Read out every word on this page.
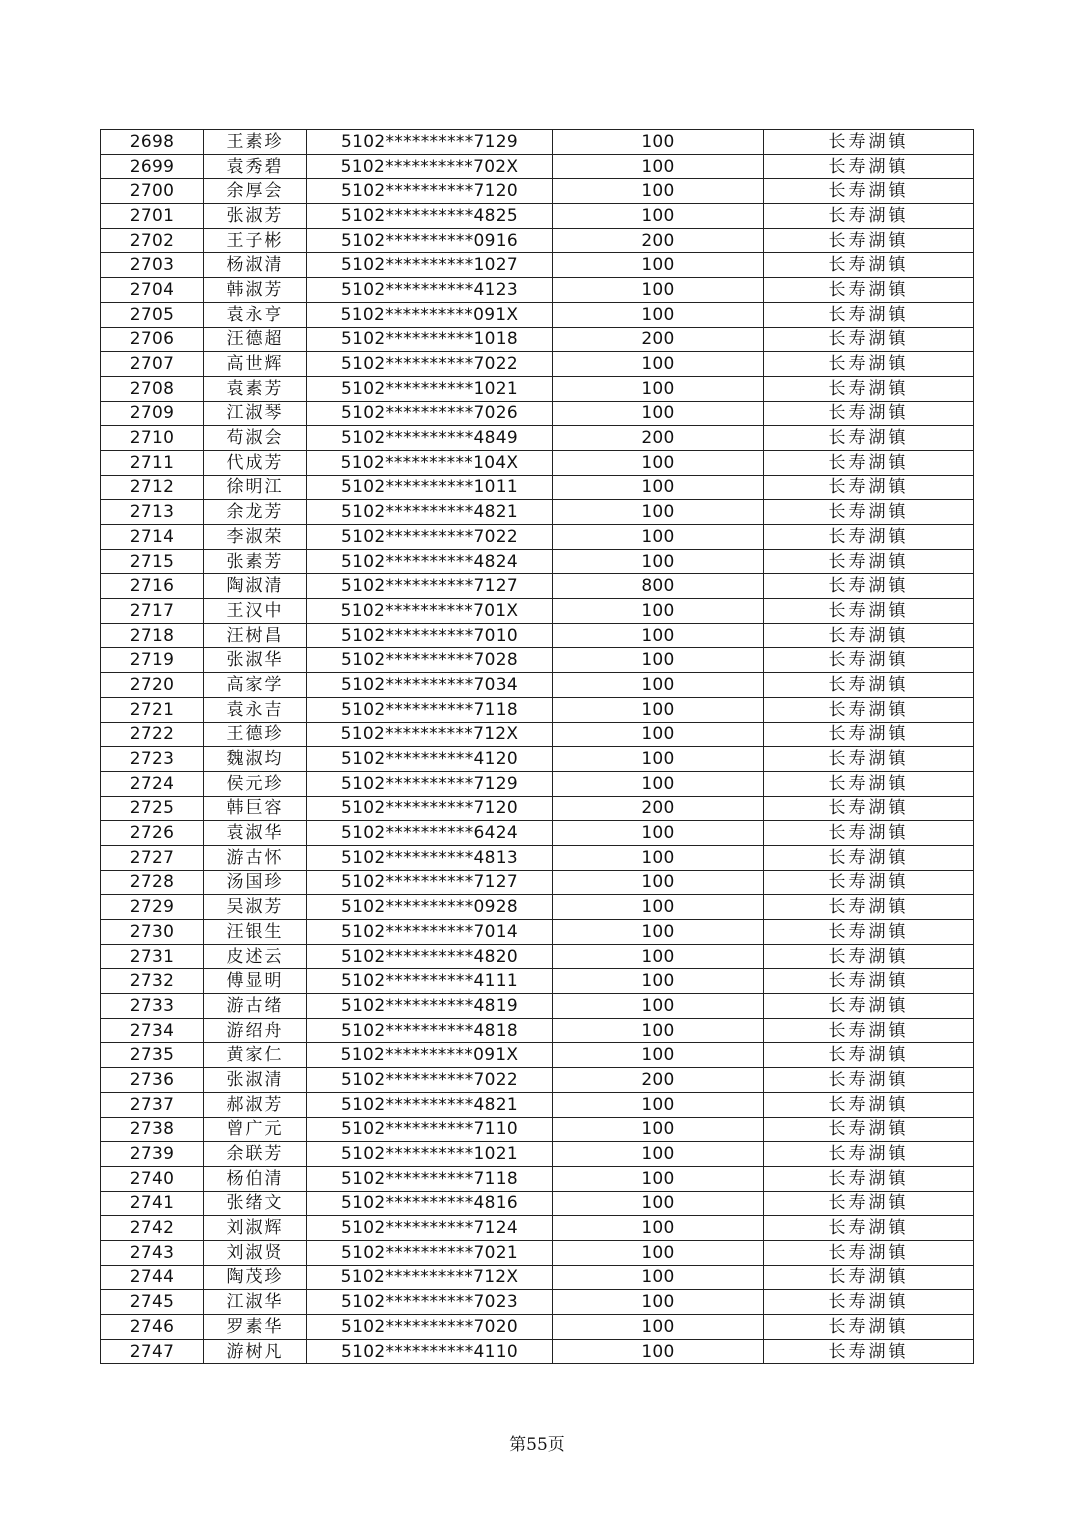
2698	王素珍	5102**********7129	100	长寿湖镇
2699	袁秀碧	5102**********702X	100	长寿湖镇
2700	余厚会	5102**********7120	100	长寿湖镇
2701	张淑芳	5102**********4825	100	长寿湖镇
2702	王子彬	5102**********0916	200	长寿湖镇
2703	杨淑清	5102**********1027	100	长寿湖镇
2704	韩淑芳	5102**********4123	100	长寿湖镇
2705	袁永亨	5102**********091X	100	长寿湖镇
2706	汪德超	5102**********1018	200	长寿湖镇
2707	高世辉	5102**********7022	100	长寿湖镇
2708	袁素芳	5102**********1021	100	长寿湖镇
2709	江淑琴	5102**********7026	100	长寿湖镇
2710	苟淑会	5102**********4849	200	长寿湖镇
2711	代成芳	5102**********104X	100	长寿湖镇
2712	徐明江	5102**********1011	100	长寿湖镇
2713	余龙芳	5102**********4821	100	长寿湖镇
2714	李淑荣	5102**********7022	100	长寿湖镇
2715	张素芳	5102**********4824	100	长寿湖镇
2716	陶淑清	5102**********7127	800	长寿湖镇
2717	王汉中	5102**********701X	100	长寿湖镇
2718	汪树昌	5102**********7010	100	长寿湖镇
2719	张淑华	5102**********7028	100	长寿湖镇
2720	高家学	5102**********7034	100	长寿湖镇
2721	袁永吉	5102**********7118	100	长寿湖镇
2722	王德珍	5102**********712X	100	长寿湖镇
2723	魏淑均	5102**********4120	100	长寿湖镇
2724	侯元珍	5102**********7129	100	长寿湖镇
2725	韩巨容	5102**********7120	200	长寿湖镇
2726	袁淑华	5102**********6424	100	长寿湖镇
2727	游古怀	5102**********4813	100	长寿湖镇
2728	汤国珍	5102**********7127	100	长寿湖镇
2729	吴淑芳	5102**********0928	100	长寿湖镇
2730	汪银生	5102**********7014	100	长寿湖镇
2731	皮述云	5102**********4820	100	长寿湖镇
2732	傅显明	5102**********4111	100	长寿湖镇
2733	游古绪	5102**********4819	100	长寿湖镇
2734	游绍舟	5102**********4818	100	长寿湖镇
2735	黄家仁	5102**********091X	100	长寿湖镇
2736	张淑清	5102**********7022	200	长寿湖镇
2737	郝淑芳	5102**********4821	100	长寿湖镇
2738	曾广元	5102**********7110	100	长寿湖镇
2739	余联芳	5102**********1021	100	长寿湖镇
2740	杨伯清	5102**********7118	100	长寿湖镇
2741	张绪文	5102**********4816	100	长寿湖镇
2742	刘淑辉	5102**********7124	100	长寿湖镇
2743	刘淑贤	5102**********7021	100	长寿湖镇
2744	陶茂珍	5102**********712X	100	长寿湖镇
2745	江淑华	5102**********7023	100	长寿湖镇
2746	罗素华	5102**********7020	100	长寿湖镇
2747	游树凡	5102**********4110	100	长寿湖镇
第55页
